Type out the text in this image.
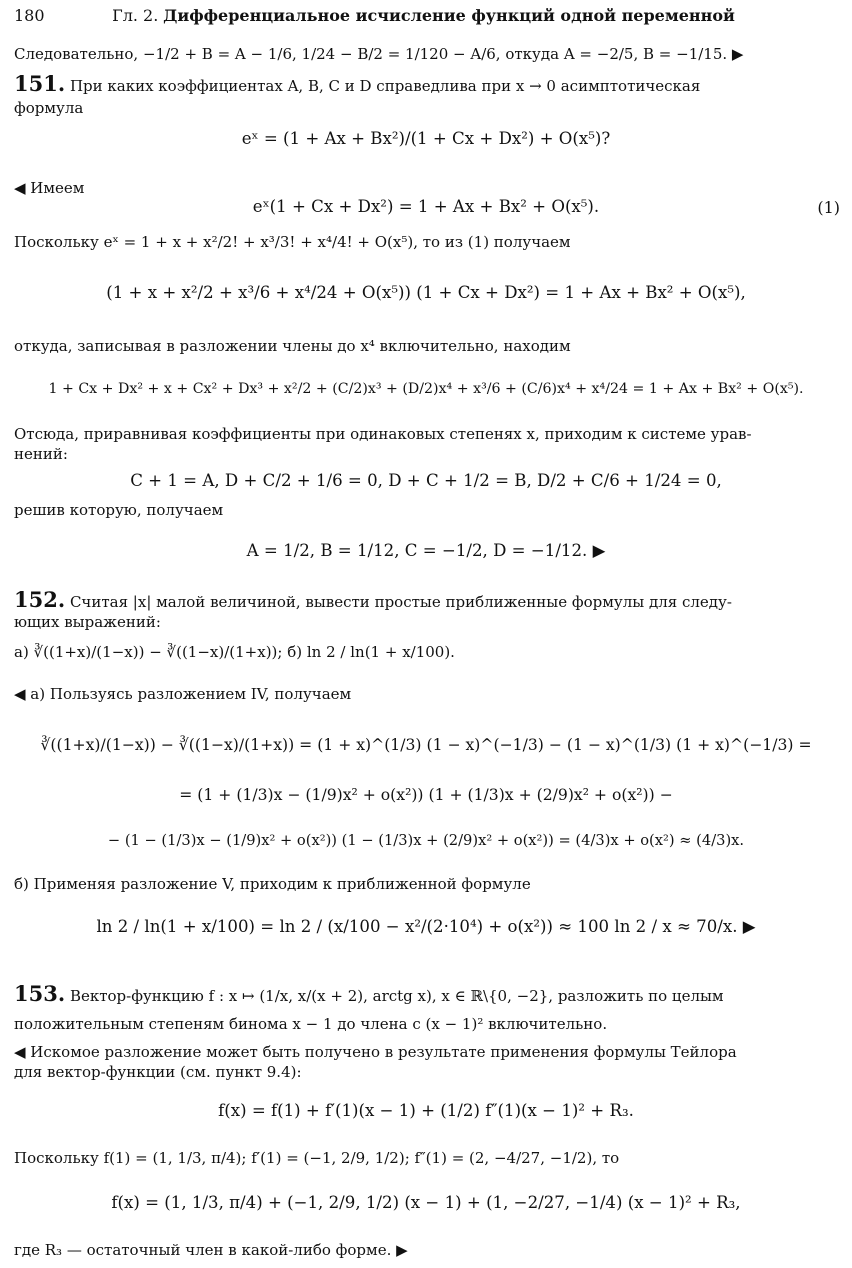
180	Гл. 2. Дифференциальное исчисление функций одной переменной
Следовательно, −1/2 + B = A − 1/6, 1/24 − B/2 = 1/120 − A/6, откуда A = −2/5, B = −1/15. ▶
151. При каких коэффициентах A, B, C и D справедлива при x → 0 асимптотическая
формула
eˣ = (1 + Ax + Bx²)/(1 + Cx + Dx²) + O(x⁵)?
◀ Имеем
eˣ(1 + Cx + Dx²) = 1 + Ax + Bx² + O(x⁵).	(1)
Поскольку eˣ = 1 + x + x²/2! + x³/3! + x⁴/4! + O(x⁵), то из (1) получаем
(1 + x + x²/2 + x³/6 + x⁴/24 + O(x⁵)) (1 + Cx + Dx²) = 1 + Ax + Bx² + O(x⁵),
откуда, записывая в разложении члены до x⁴ включительно, находим
1 + Cx + Dx² + x + Cx² + Dx³ + x²/2 + (C/2)x³ + (D/2)x⁴ + x³/6 + (C/6)x⁴ + x⁴/24 = 1 + Ax + Bx² + O(x⁵).
Отсюда, приравнивая коэффициенты при одинаковых степенях x, приходим к системе урав-
нений:
C + 1 = A, D + C/2 + 1/6 = 0, D + C + 1/2 = B, D/2 + C/6 + 1/24 = 0,
решив которую, получаем
A = 1/2, B = 1/12, C = −1/2, D = −1/12. ▶
152. Считая |x| малой величиной, вывести простые приближенные формулы для следу-
ющих выражений:
а) ∛((1+x)/(1−x)) − ∛((1−x)/(1+x)); б) ln 2 / ln(1 + x/100).
◀ а) Пользуясь разложением IV, получаем
∛((1+x)/(1−x)) − ∛((1−x)/(1+x)) = (1 + x)^(1/3) (1 − x)^(−1/3) − (1 − x)^(1/3) (1 + x)^(−1/3) =
= (1 + (1/3)x − (1/9)x² + o(x²)) (1 + (1/3)x + (2/9)x² + o(x²)) −
− (1 − (1/3)x − (1/9)x² + o(x²)) (1 − (1/3)x + (2/9)x² + o(x²)) = (4/3)x + o(x²) ≈ (4/3)x.
б) Применяя разложение V, приходим к приближенной формуле
ln 2 / ln(1 + x/100) = ln 2 / (x/100 − x²/(2·10⁴) + o(x²)) ≈ 100 ln 2 / x ≈ 70/x. ▶
153. Вектор-функцию f : x ↦ (1/x, x/(x + 2), arctg x), x ∈ ℝ\{0, −2}, разложить по целым
положительным степеням бинома x − 1 до члена с (x − 1)² включительно.
◀ Искомое разложение может быть получено в результате применения формулы Тейлора
для вектор-функции (см. пункт 9.4):
f(x) = f(1) + f′(1)(x − 1) + (1/2) f″(1)(x − 1)² + R₃.
Поскольку f(1) = (1, 1/3, π/4); f′(1) = (−1, 2/9, 1/2); f″(1) = (2, −4/27, −1/2), то
f(x) = (1, 1/3, π/4) + (−1, 2/9, 1/2) (x − 1) + (1, −2/27, −1/4) (x − 1)² + R₃,
где R₃ — остаточный член в какой-либо форме. ▶
